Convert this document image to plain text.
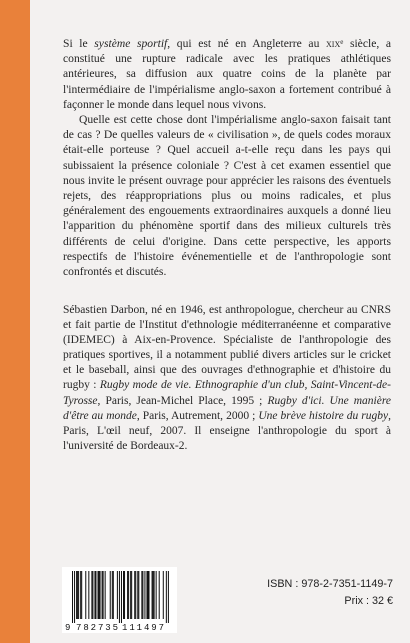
Si le système sportif, qui est né en Angleterre au xix$^e$ siècle, a constitué une rupture radicale avec les pratiques athlétiques antérieures, sa diffusion aux quatre coins de la planète par l'intermédiaire de l'impérialisme anglo-saxon a fortement contribué à façonner le monde dans lequel nous vivons.

Quelle est cette chose dont l'impérialisme anglo-saxon faisait tant de cas ? De quelles valeurs de « civilisation », de quels codes moraux était-elle porteuse ? Quel accueil a-t-elle reçu dans les pays qui subissaient la présence coloniale ? C'est à cet examen essentiel que nous invite le présent ouvrage pour apprécier les raisons des éventuels rejets, des réappropriations plus ou moins radicales, et plus généralement des engouements extraordinaires auxquels a donné lieu l'apparition du phénomène sportif dans des milieux culturels très différents de celui d'origine. Dans cette perspective, les apports respectifs de l'histoire événementielle et de l'anthropologie sont confrontés et discutés.

Sébastien Darbon, né en 1946, est anthropologue, chercheur au CNRS et fait partie de l'Institut d'ethnologie méditerranéenne et comparative (IDEMEC) à Aix-en-Provence. Spécialiste de l'anthropologie des pratiques sportives, il a notamment publié divers articles sur le cricket et le baseball, ainsi que des ouvrages d'ethnographie et d'histoire du rugby : Rugby mode de vie. Ethnographie d'un club, Saint-Vincent-de-Tyrosse, Paris, Jean-Michel Place, 1995 ; Rugby d'ici. Une manière d'être au monde, Paris, Autrement, 2000 ; Une brève histoire du rugby, Paris, L'œil neuf, 2007. Il enseigne l'anthropologie du sport à l'université de Bordeaux-2.

9 782735 111497
ISBN : 978-2-7351-1149-7
Prix : 32 €
